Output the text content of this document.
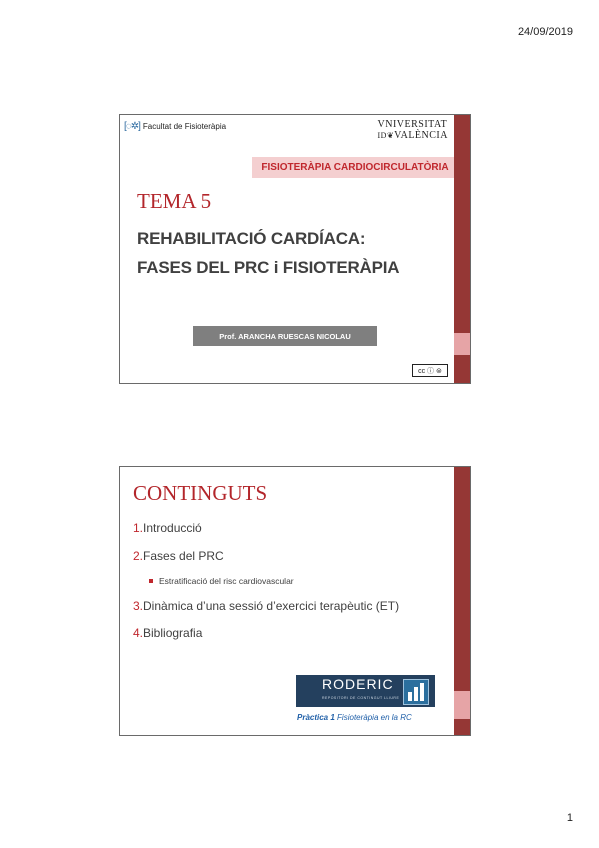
24/09/2019
[◌✲] Facultat de Fisioteràpia	VNIVERSITAT
ID❦VALÈNCIA
FISIOTERÀPIA CARDIOCIRCULATÒRIA
TEMA 5
REHABILITACIÓ CARDÍACA:
FASES DEL PRC i FISIOTERÀPIA
Prof. ARANCHA RUESCAS NICOLAU
cc ⓘ ⊜
CONTINGUTS
1.Introducció
2.Fases del PRC
Estratificació del risc cardiovascular
3.Dinàmica d’una sessió d’exercici terapèutic (ET)
4.Bibliografia
RODERIC
REPOSITORI DE CONTINGUT LLIURE
Pràctica 1 Fisioteràpia en la RC
1
